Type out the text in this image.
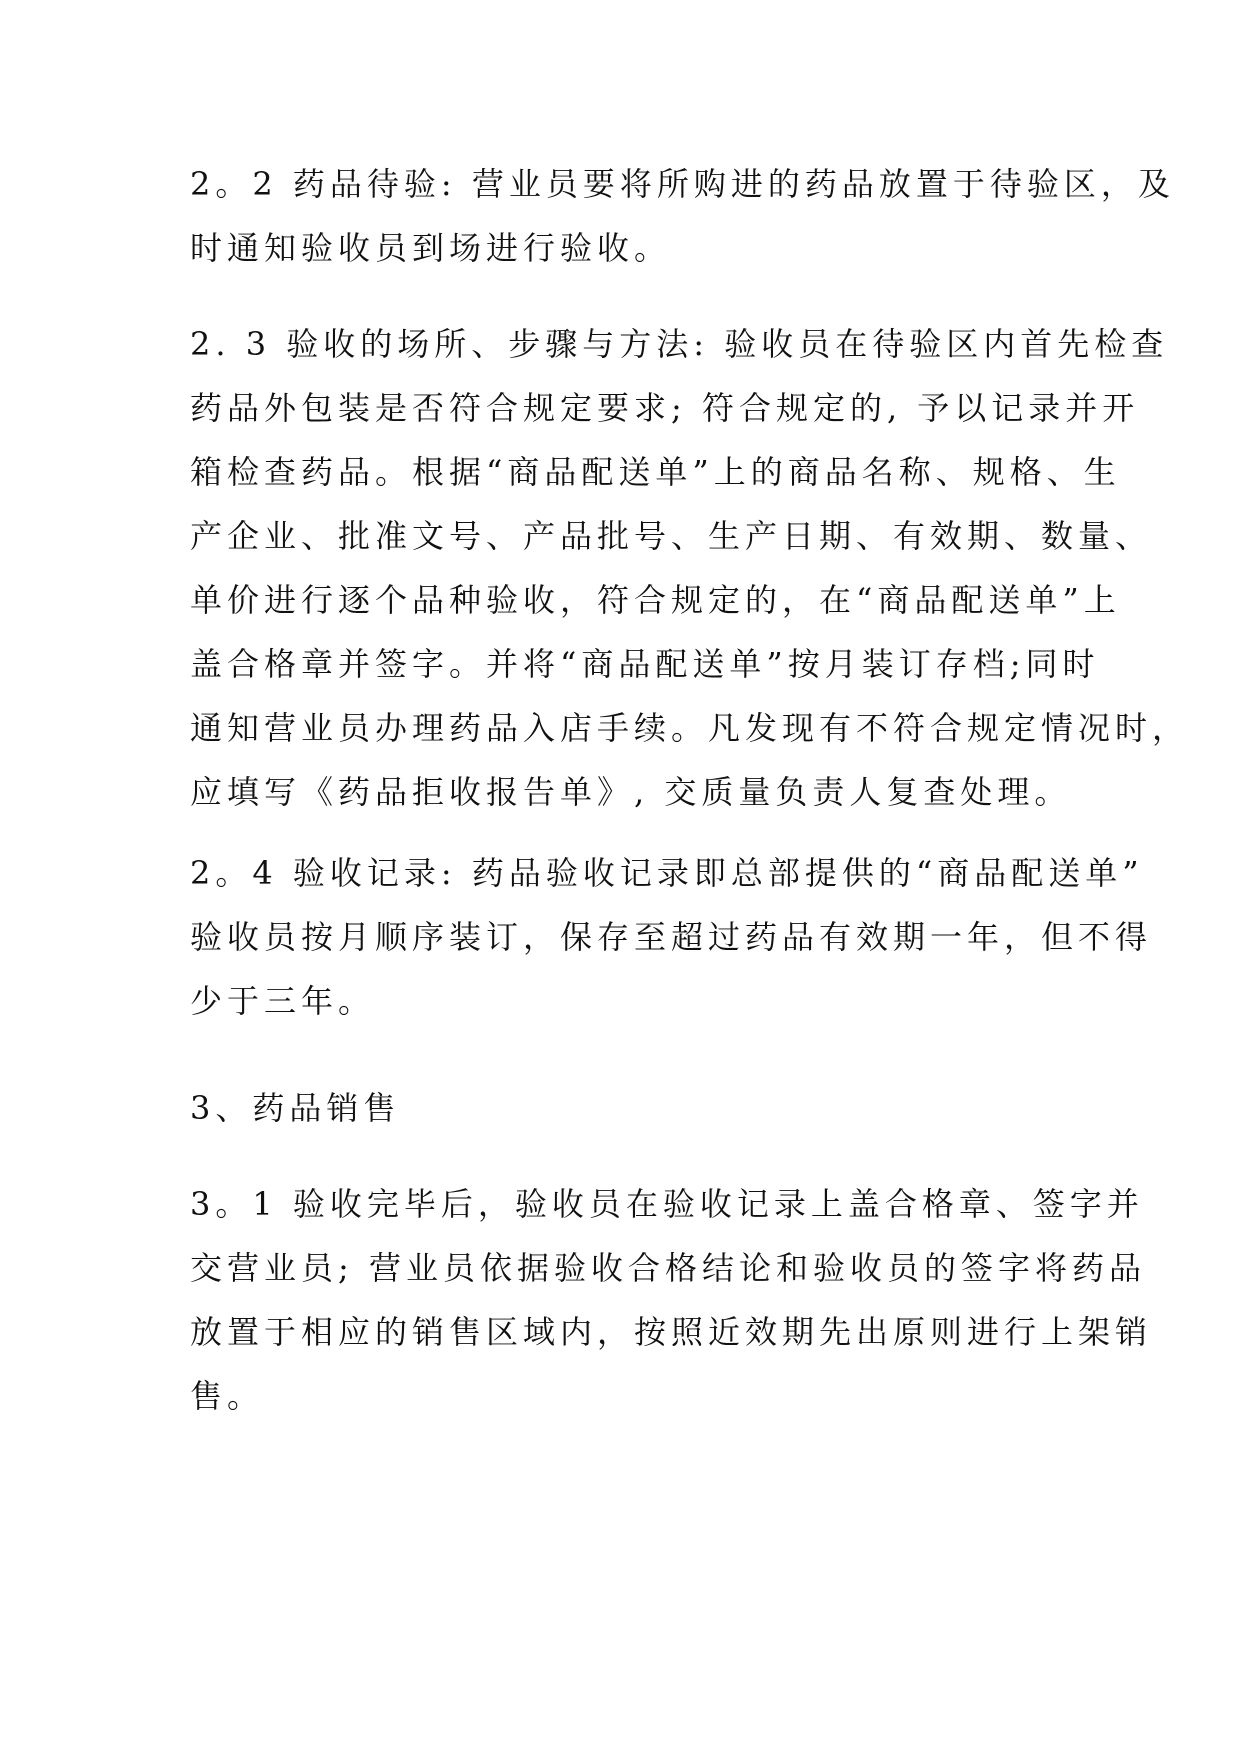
2。2 药品待验: 营业员要将所购进的药品放置于待验区，及
时通知验收员到场进行验收。
2. 3 验收的场所、步骤与方法: 验收员在待验区内首先检查
药品外包装是否符合规定要求; 符合规定的, 予以记录并开
箱检查药品。根据“商品配送单”上的商品名称、规格、生
产企业、批准文号、产品批号、生产日期、有效期、数量、
单价进行逐个品种验收，符合规定的，在“商品配送单”上
盖合格章并签字。并将“商品配送单”按月装订存档;同时
通知营业员办理药品入店手续。凡发现有不符合规定情况时，
应填写《药品拒收报告单》, 交质量负责人复查处理。
2。4 验收记录: 药品验收记录即总部提供的“商品配送单”
验收员按月顺序装订，保存至超过药品有效期一年，但不得
少于三年。
3、药品销售
3。1 验收完毕后，验收员在验收记录上盖合格章、签字并
交营业员; 营业员依据验收合格结论和验收员的签字将药品
放置于相应的销售区域内，按照近效期先出原则进行上架销
售。
